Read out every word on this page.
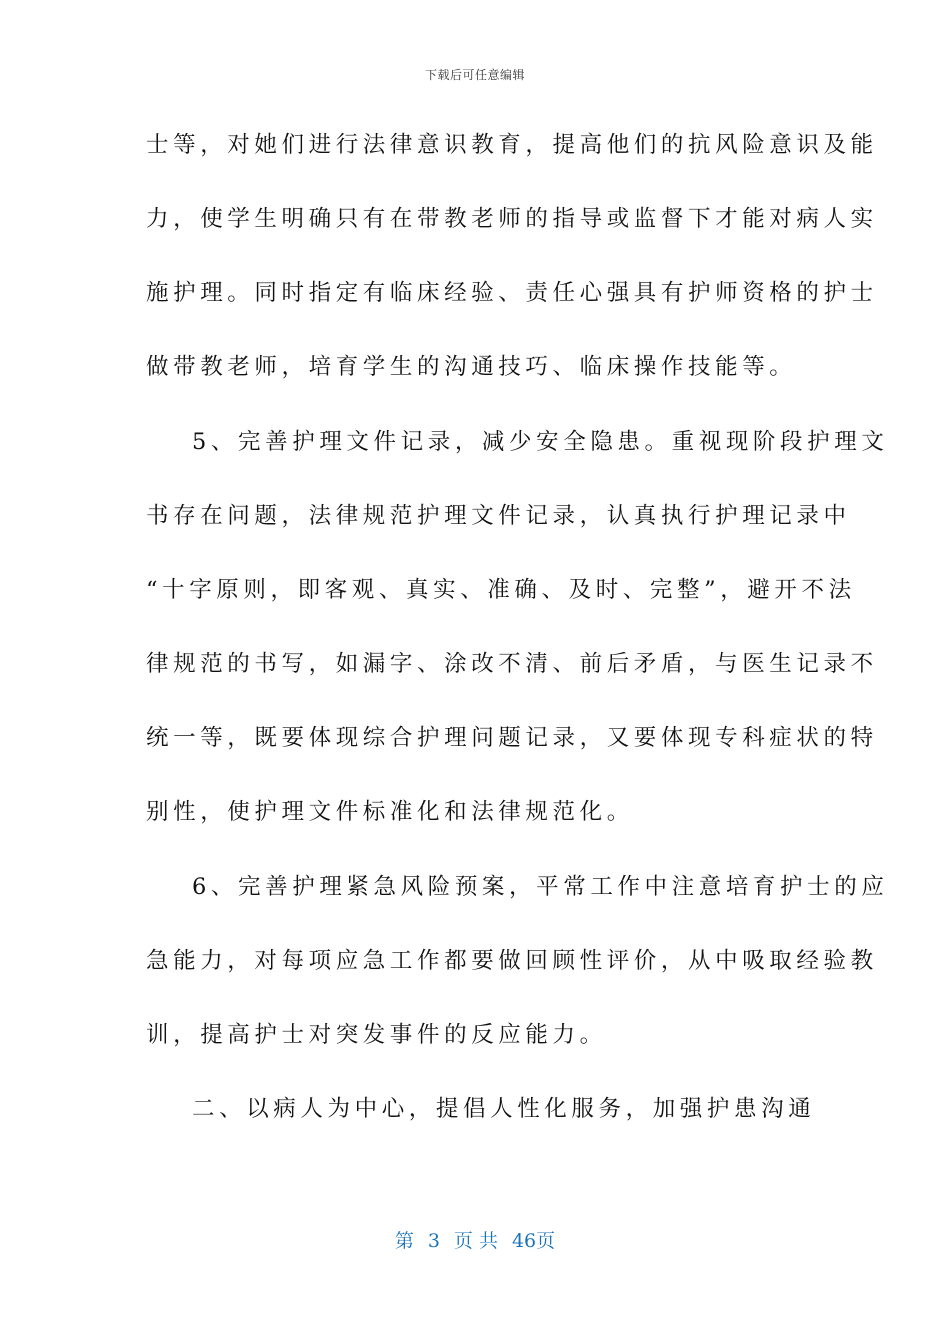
下载后可任意编辑
士等，对她们进行法律意识教育，提高他们的抗风险意识及能
力，使学生明确只有在带教老师的指导或监督下才能对病人实
施护理。同时指定有临床经验、责任心强具有护师资格的护士
做带教老师，培育学生的沟通技巧、临床操作技能等。
5、完善护理文件记录，减少安全隐患。重视现阶段护理文
书存在问题，法律规范护理文件记录，认真执行护理记录中
“十字原则，即客观、真实、准确、及时、完整”，避开不法
律规范的书写，如漏字、涂改不清、前后矛盾，与医生记录不
统一等，既要体现综合护理问题记录，又要体现专科症状的特
别性，使护理文件标准化和法律规范化。
6、完善护理紧急风险预案，平常工作中注意培育护士的应
急能力，对每项应急工作都要做回顾性评价，从中吸取经验教
训，提高护士对突发事件的反应能力。
二、以病人为中心，提倡人性化服务，加强护患沟通
第 3 页 共 46页
